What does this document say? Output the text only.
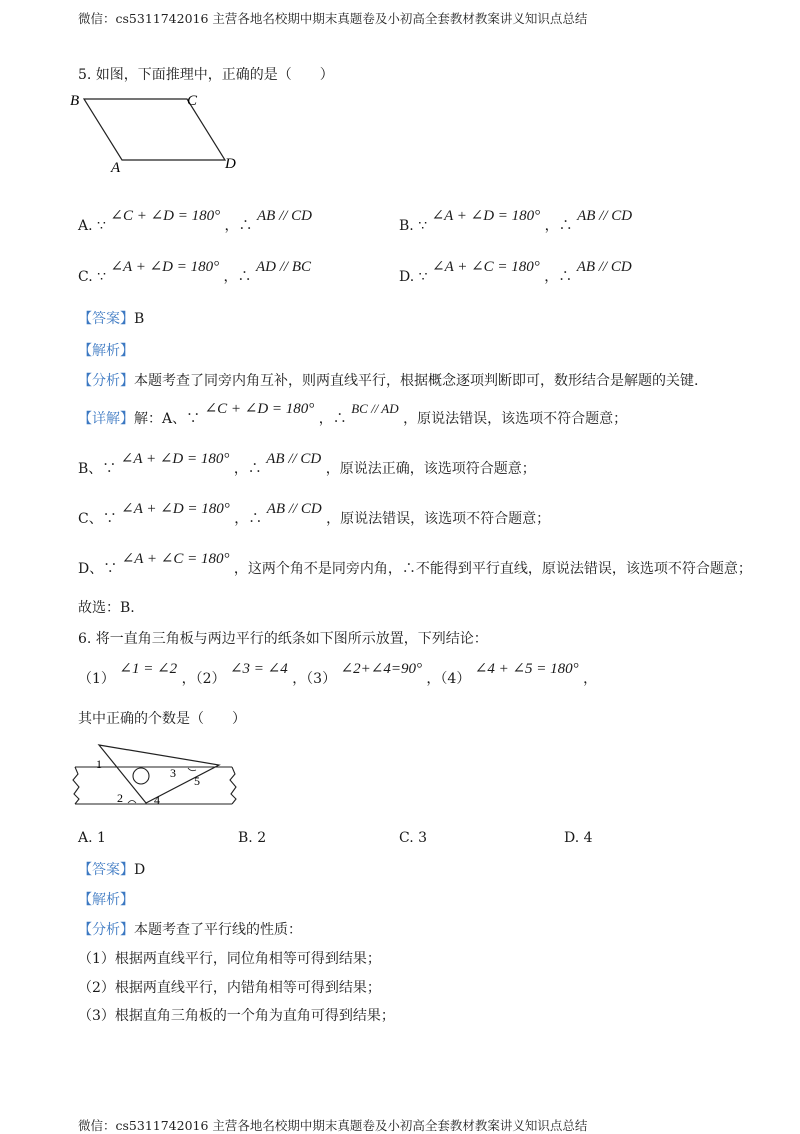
微信：cs5311742016 主营各地名校期中期末真题卷及小初高全套教材教案讲义知识点总结
5. 如图，下面推理中，正确的是（　　）
B	C
A	D
A. ∵ ∠C + ∠D = 180° ，∴ AB // CD
B. ∵ ∠A + ∠D = 180° ，∴ AB // CD
C. ∵ ∠A + ∠D = 180° ，∴ AD // BC
D. ∵ ∠A + ∠C = 180° ，∴ AB // CD
【答案】B
【解析】
【分析】本题考查了同旁内角互补，则两直线平行，根据概念逐项判断即可，数形结合是解题的关键.
【详解】解：A、∵ ∠C + ∠D = 180° ，∴ BC // AD ，原说法错误，该选项不符合题意；
B、∵ ∠A + ∠D = 180° ，∴ AB // CD ，原说法正确，该选项符合题意；
C、∵ ∠A + ∠D = 180° ，∴ AB // CD ，原说法错误，该选项不符合题意；
D、∵ ∠A + ∠C = 180° ，这两个角不是同旁内角，∴不能得到平行直线，原说法错误，该选项不符合题意；
故选：B.
6. 将一直角三角板与两边平行的纸条如下图所示放置，下列结论：
（1） ∠1 = ∠2 ，（2） ∠3 = ∠4 ，（3） ∠2+∠4=90° ，（4） ∠4 + ∠5 = 180° ，
其中正确的个数是（　　）
1
2
3
4
5
A. 1	B. 2	C. 3	D. 4
【答案】D
【解析】
【分析】本题考查了平行线的性质：
（1）根据两直线平行，同位角相等可得到结果；
（2）根据两直线平行，内错角相等可得到结果；
（3）根据直角三角板的一个角为直角可得到结果；
微信：cs5311742016 主营各地名校期中期末真题卷及小初高全套教材教案讲义知识点总结
